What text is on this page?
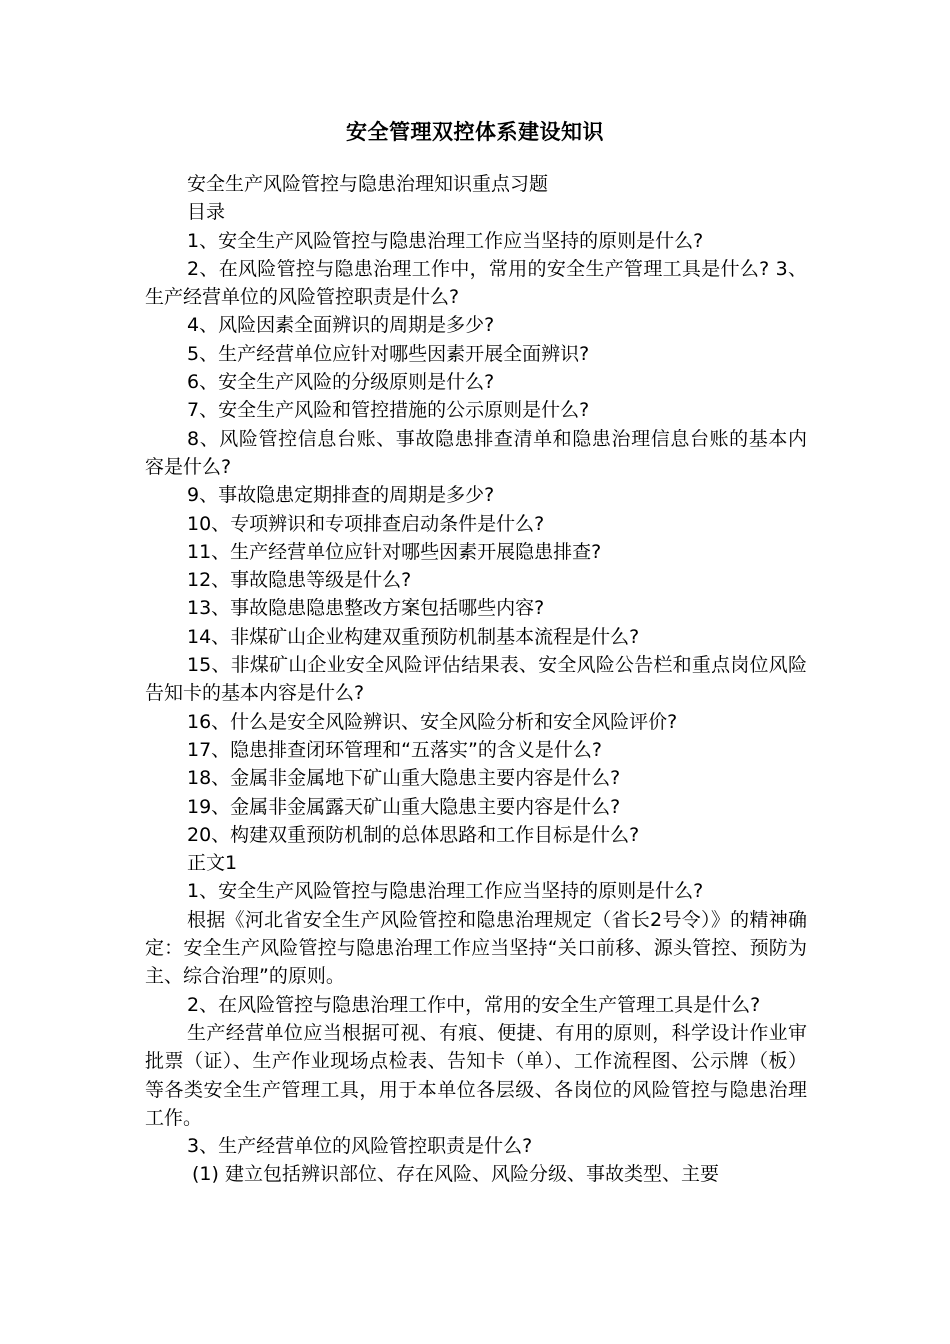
安全管理双控体系建设知识

安全生产风险管控与隐患治理知识重点习题

目录

1、安全生产风险管控与隐患治理工作应当坚持的原则是什么?

2、在风险管控与隐患治理工作中，常用的安全生产管理工具是什么? 3、生产经营单位的风险管控职责是什么?

4、风险因素全面辨识的周期是多少?

5、生产经营单位应针对哪些因素开展全面辨识?

6、安全生产风险的分级原则是什么?

7、安全生产风险和管控措施的公示原则是什么?

8、风险管控信息台账、事故隐患排查清单和隐患治理信息台账的基本内容是什么?

9、事故隐患定期排查的周期是多少?

10、专项辨识和专项排查启动条件是什么?

11、生产经营单位应针对哪些因素开展隐患排查?

12、事故隐患等级是什么?

13、事故隐患隐患整改方案包括哪些内容?

14、非煤矿山企业构建双重预防机制基本流程是什么?

15、非煤矿山企业安全风险评估结果表、安全风险公告栏和重点岗位风险告知卡的基本内容是什么?

16、什么是安全风险辨识、安全风险分析和安全风险评价?

17、隐患排查闭环管理和“五落实”的含义是什么?

18、金属非金属地下矿山重大隐患主要内容是什么?

19、金属非金属露天矿山重大隐患主要内容是什么?

20、构建双重预防机制的总体思路和工作目标是什么?

正文1

1、安全生产风险管控与隐患治理工作应当坚持的原则是什么?

根据《河北省安全生产风险管控和隐患治理规定（省长2号令）》的精神确定：安全生产风险管控与隐患治理工作应当坚持“关口前移、源头管控、预防为主、综合治理”的原则。

2、在风险管控与隐患治理工作中，常用的安全生产管理工具是什么?

生产经营单位应当根据可视、有痕、便捷、有用的原则，科学设计作业审批票（证）、生产作业现场点检表、告知卡（单）、工作流程图、公示牌（板）等各类安全生产管理工具，用于本单位各层级、各岗位的风险管控与隐患治理工作。

3、生产经营单位的风险管控职责是什么?

(1) 建立包括辨识部位、存在风险、风险分级、事故类型、主要
